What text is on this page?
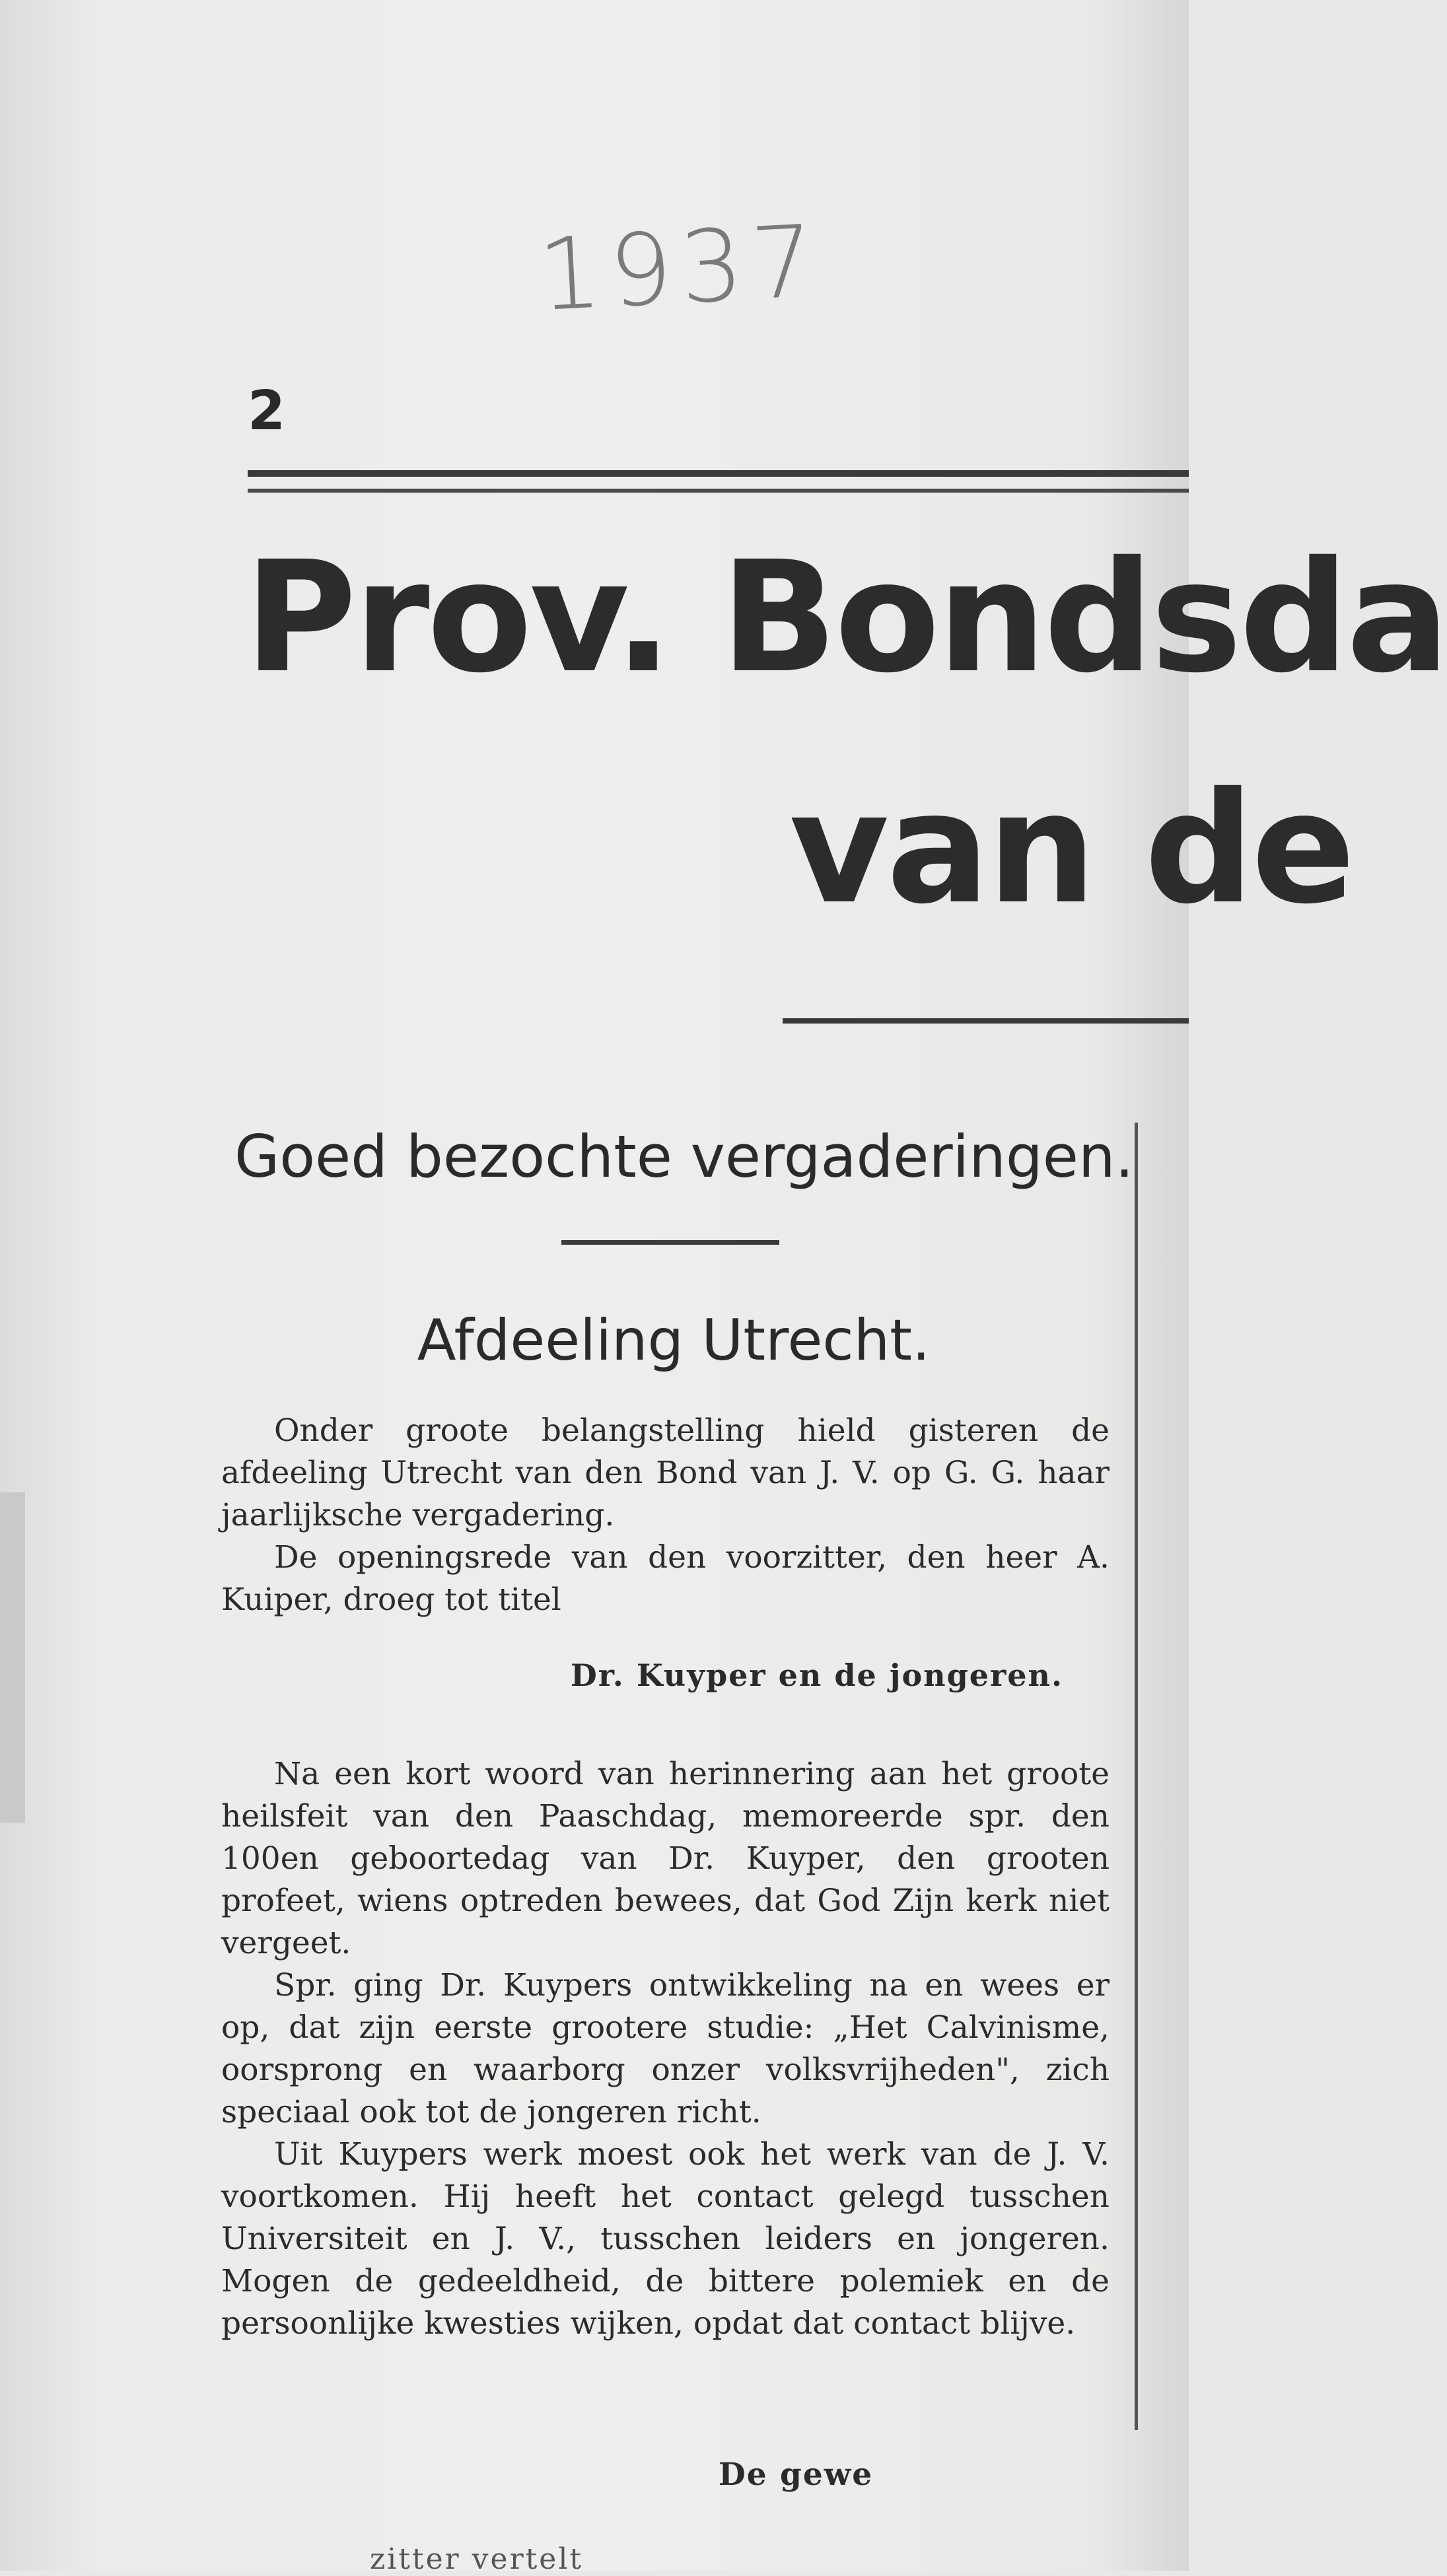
1937
2
Prov. Bondsda
van de
Goed bezochte vergaderingen.
Afdeeling Utrecht.

Onder groote belangstelling hield gisteren de afdeeling Utrecht van den Bond van J. V. op G. G. haar jaarlijksche vergadering.

De openingsrede van den voorzitter, den heer A. Kuiper, droeg tot titel

Dr. Kuyper en de jongeren.

Na een kort woord van herinnering aan het groote heilsfeit van den Paaschdag, memoreerde spr. den 100en geboortedag van Dr. Kuyper, den grooten profeet, wiens optreden bewees, dat God Zijn kerk niet vergeet.

Spr. ging Dr. Kuypers ontwikkeling na en wees er op, dat zijn eerste grootere studie: „Het Calvinisme, oorsprong en waarborg onzer volksvrijheden", zich speciaal ook tot de jongeren richt.

Uit Kuypers werk moest ook het werk van de J. V. voortkomen. Hij heeft het contact gelegd tusschen Universiteit en J. V., tusschen leiders en jongeren. Mogen de gedeeldheid, de bittere polemiek en de persoonlijke kwesties wijken, opdat dat contact blijve.

De gewe
zitter vertelt
